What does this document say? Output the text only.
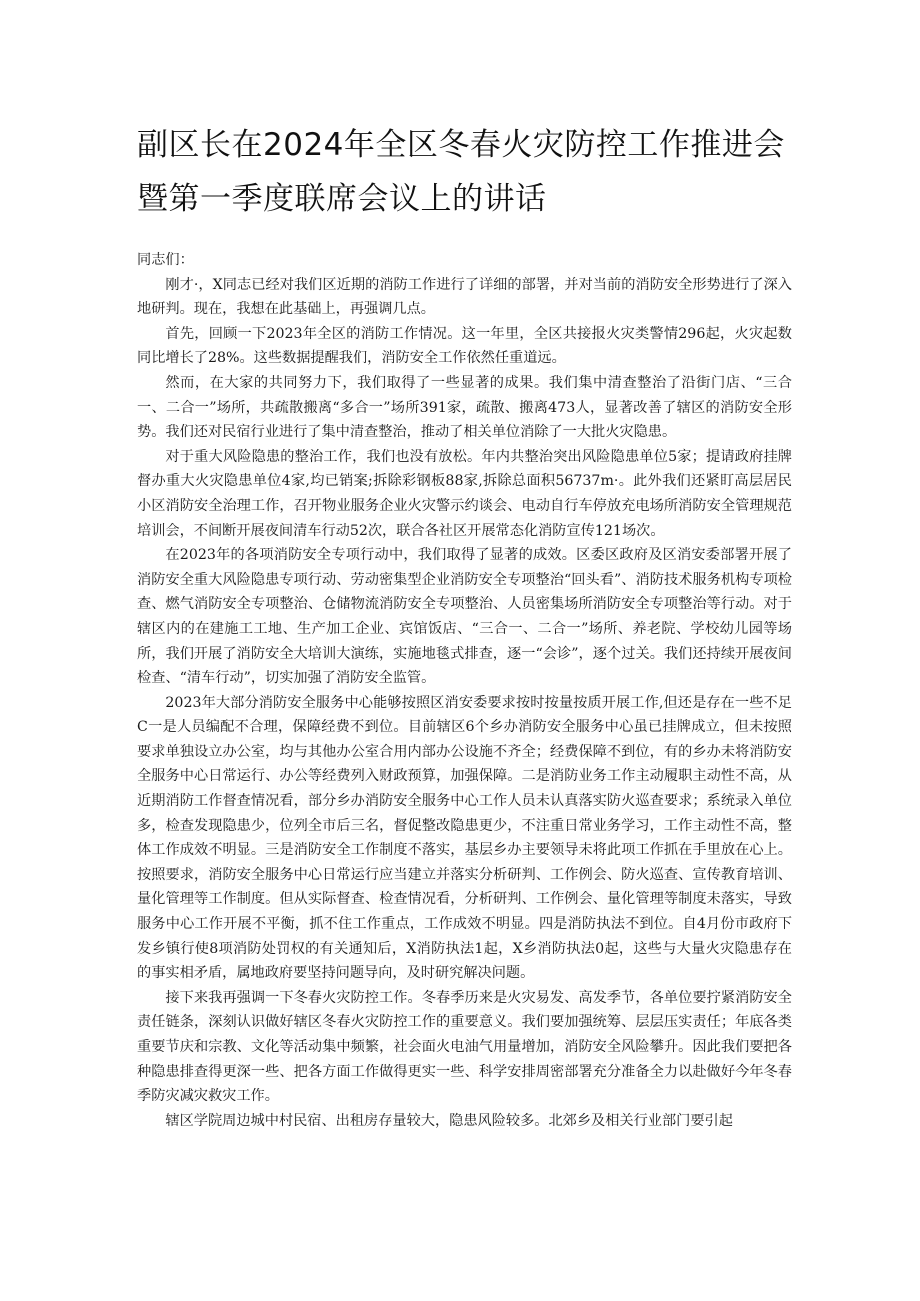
副区长在2024年全区冬春火灾防控工作推进会暨第一季度联席会议上的讲话

同志们：

刚才·，X同志已经对我们区近期的消防工作进行了详细的部署，并对当前的消防安全形势进行了深入地研判。现在，我想在此基础上，再强调几点。

首先，回顾一下2023年全区的消防工作情况。这一年里，全区共接报火灾类警情296起，火灾起数同比增长了28%。这些数据提醒我们，消防安全工作依然任重道远。

然而，在大家的共同努力下，我们取得了一些显著的成果。我们集中清查整治了沿街门店、“三合一、二合一”场所，共疏散搬离“多合一”场所391家，疏散、搬离473人，显著改善了辖区的消防安全形势。我们还对民宿行业进行了集中清查整治，推动了相关单位消除了一大批火灾隐患。

对于重大风险隐患的整治工作，我们也没有放松。年内共整治突出风险隐患单位5家；提请政府挂牌督办重大火灾隐患单位4家,均已销案;拆除彩钢板88家,拆除总面积56737m·。此外我们还紧盯高层居民小区消防安全治理工作，召开物业服务企业火灾警示约谈会、电动自行车停放充电场所消防安全管理规范培训会，不间断开展夜间清车行动52次，联合各社区开展常态化消防宣传121场次。

在2023年的各项消防安全专项行动中，我们取得了显著的成效。区委区政府及区消安委部署开展了消防安全重大风险隐患专项行动、劳动密集型企业消防安全专项整治“回头看”、消防技术服务机构专项检查、燃气消防安全专项整治、仓储物流消防安全专项整治、人员密集场所消防安全专项整治等行动。对于辖区内的在建施工工地、生产加工企业、宾馆饭店、“三合一、二合一”场所、养老院、学校幼儿园等场所，我们开展了消防安全大培训大演练，实施地毯式排查，逐一“会诊”，逐个过关。我们还持续开展夜间检查、“清车行动”，切实加强了消防安全监管。

2023年大部分消防安全服务中心能够按照区消安委要求按时按量按质开展工作,但还是存在一些不足C一是人员编配不合理，保障经费不到位。目前辖区6个乡办消防安全服务中心虽已挂牌成立，但未按照要求单独设立办公室，均与其他办公室合用内部办公设施不齐全；经费保障不到位，有的乡办未将消防安全服务中心日常运行、办公等经费列入财政预算，加强保障。二是消防业务工作主动履职主动性不高，从近期消防工作督查情况看，部分乡办消防安全服务中心工作人员未认真落实防火巡查要求；系统录入单位多，检查发现隐患少，位列全市后三名，督促整改隐患更少，不注重日常业务学习，工作主动性不高，整体工作成效不明显。三是消防安全工作制度不落实，基层乡办主要领导未将此项工作抓在手里放在心上。按照要求，消防安全服务中心日常运行应当建立并落实分析研判、工作例会、防火巡查、宣传教育培训、量化管理等工作制度。但从实际督查、检查情况看，分析研判、工作例会、量化管理等制度未落实，导致服务中心工作开展不平衡，抓不住工作重点，工作成效不明显。四是消防执法不到位。自4月份市政府下发乡镇行使8项消防处罚权的有关通知后，X消防执法1起，X乡消防执法0起，这些与大量火灾隐患存在的事实相矛盾，属地政府要坚持问题导向，及时研究解决问题。

接下来我再强调一下冬春火灾防控工作。冬春季历来是火灾易发、高发季节，各单位要拧紧消防安全责任链条，深刻认识做好辖区冬春火灾防控工作的重要意义。我们要加强统筹、层层压实责任；年底各类重要节庆和宗教、文化等活动集中频繁，社会面火电油气用量增加，消防安全风险攀升。因此我们要把各种隐患排查得更深一些、把各方面工作做得更实一些、科学安排周密部署充分准备全力以赴做好今年冬春季防灾减灾救灾工作。

辖区学院周边城中村民宿、出租房存量较大，隐患风险较多。北郊乡及相关行业部门要引起
